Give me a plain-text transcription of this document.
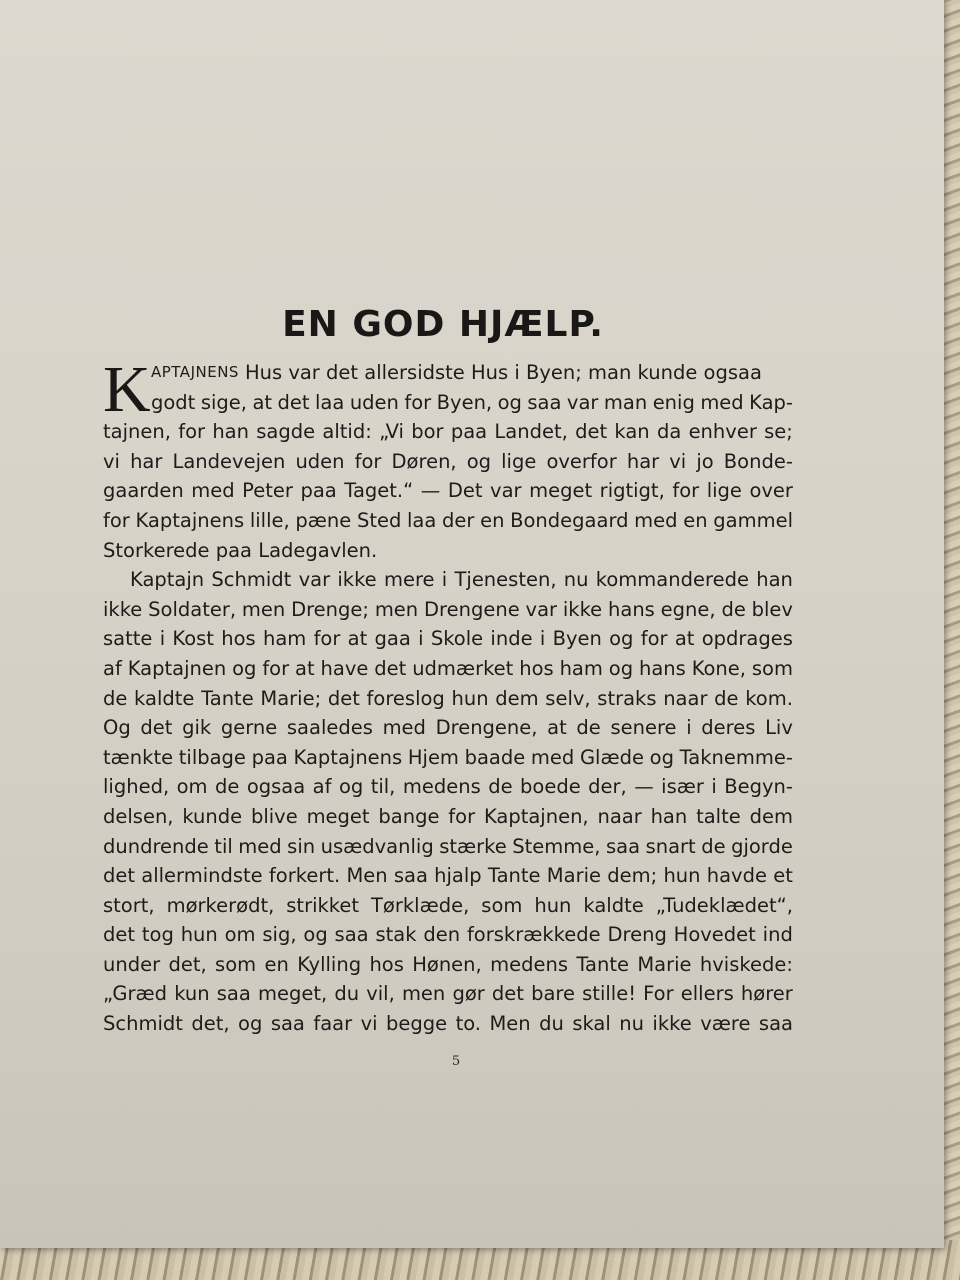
EN GOD HJÆLP.
K APTAJNENS Hus var det allersidste Hus i Byen; man kunde ogsaa
godt sige, at det laa uden for Byen, og saa var man enig med Kap-
tajnen, for han sagde altid: „Vi bor paa Landet, det kan da enhver se;
vi har Landevejen uden for Døren, og lige overfor har vi jo Bonde-
gaarden med Peter paa Taget.“ — Det var meget rigtigt, for lige over
for Kaptajnens lille, pæne Sted laa der en Bondegaard med en gammel
Storkerede paa Ladegavlen.
Kaptajn Schmidt var ikke mere i Tjenesten, nu kommanderede han
ikke Soldater, men Drenge; men Drengene var ikke hans egne, de blev
satte i Kost hos ham for at gaa i Skole inde i Byen og for at opdrages
af Kaptajnen og for at have det udmærket hos ham og hans Kone, som
de kaldte Tante Marie; det foreslog hun dem selv, straks naar de kom.
Og det gik gerne saaledes med Drengene, at de senere i deres Liv
tænkte tilbage paa Kaptajnens Hjem baade med Glæde og Taknemme-
lighed, om de ogsaa af og til, medens de boede der, — især i Begyn-
delsen, kunde blive meget bange for Kaptajnen, naar han talte dem
dundrende til med sin usædvanlig stærke Stemme, saa snart de gjorde
det allermindste forkert. Men saa hjalp Tante Marie dem; hun havde et
stort, mørkerødt, strikket Tørklæde, som hun kaldte „Tudeklædet“,
det tog hun om sig, og saa stak den forskrækkede Dreng Hovedet ind
under det, som en Kylling hos Hønen, medens Tante Marie hviskede:
„Græd kun saa meget, du vil, men gør det bare stille! For ellers hører
Schmidt det, og saa faar vi begge to. Men du skal nu ikke være saa
5
